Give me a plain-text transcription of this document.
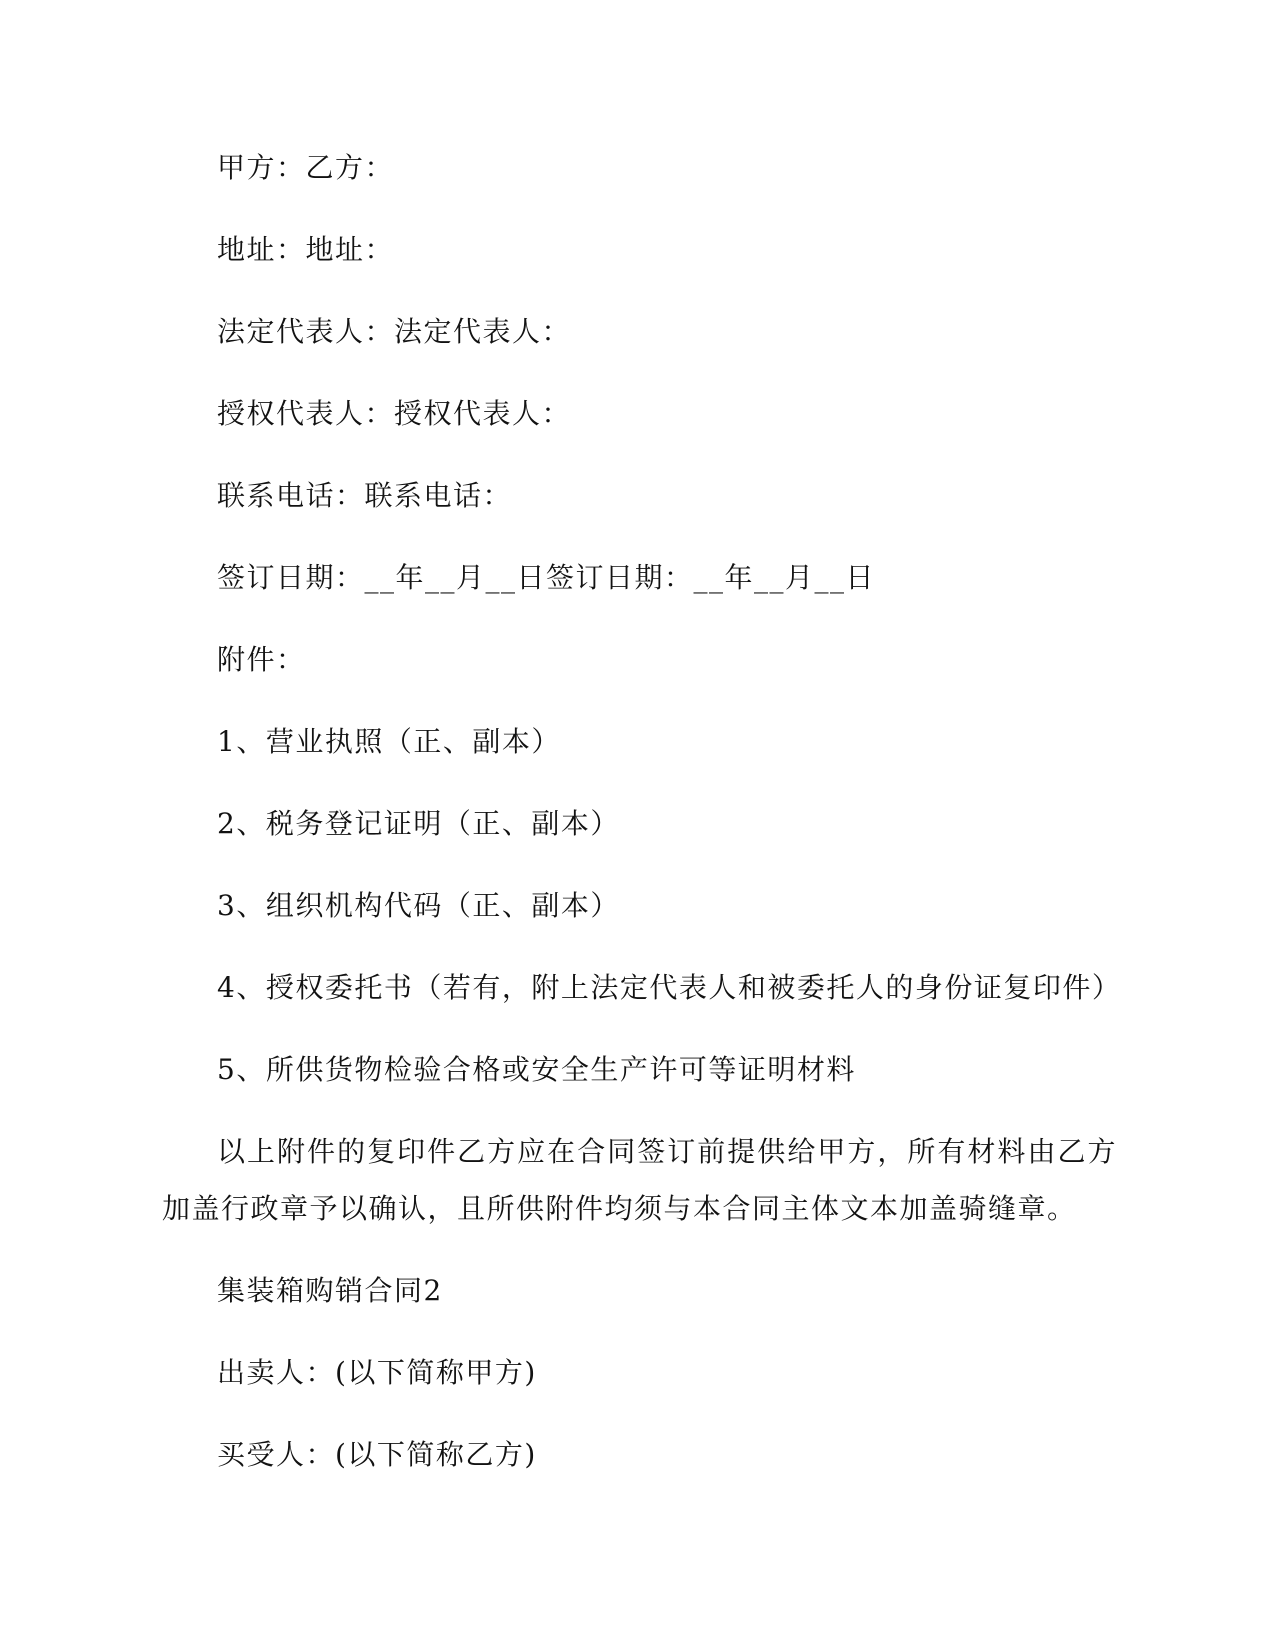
甲方：乙方：

地址：地址：

法定代表人：法定代表人：

授权代表人：授权代表人：

联系电话：联系电话：

签订日期：__年__月__日签订日期：__年__月__日

附件：

1、营业执照（正、副本）

2、税务登记证明（正、副本）

3、组织机构代码（正、副本）

4、授权委托书（若有，附上法定代表人和被委托人的身份证复印件）

5、所供货物检验合格或安全生产许可等证明材料

以上附件的复印件乙方应在合同签订前提供给甲方，所有材料由乙方加盖行政章予以确认，且所供附件均须与本合同主体文本加盖骑缝章。

集装箱购销合同2

出卖人：(以下简称甲方)

买受人：(以下简称乙方)
